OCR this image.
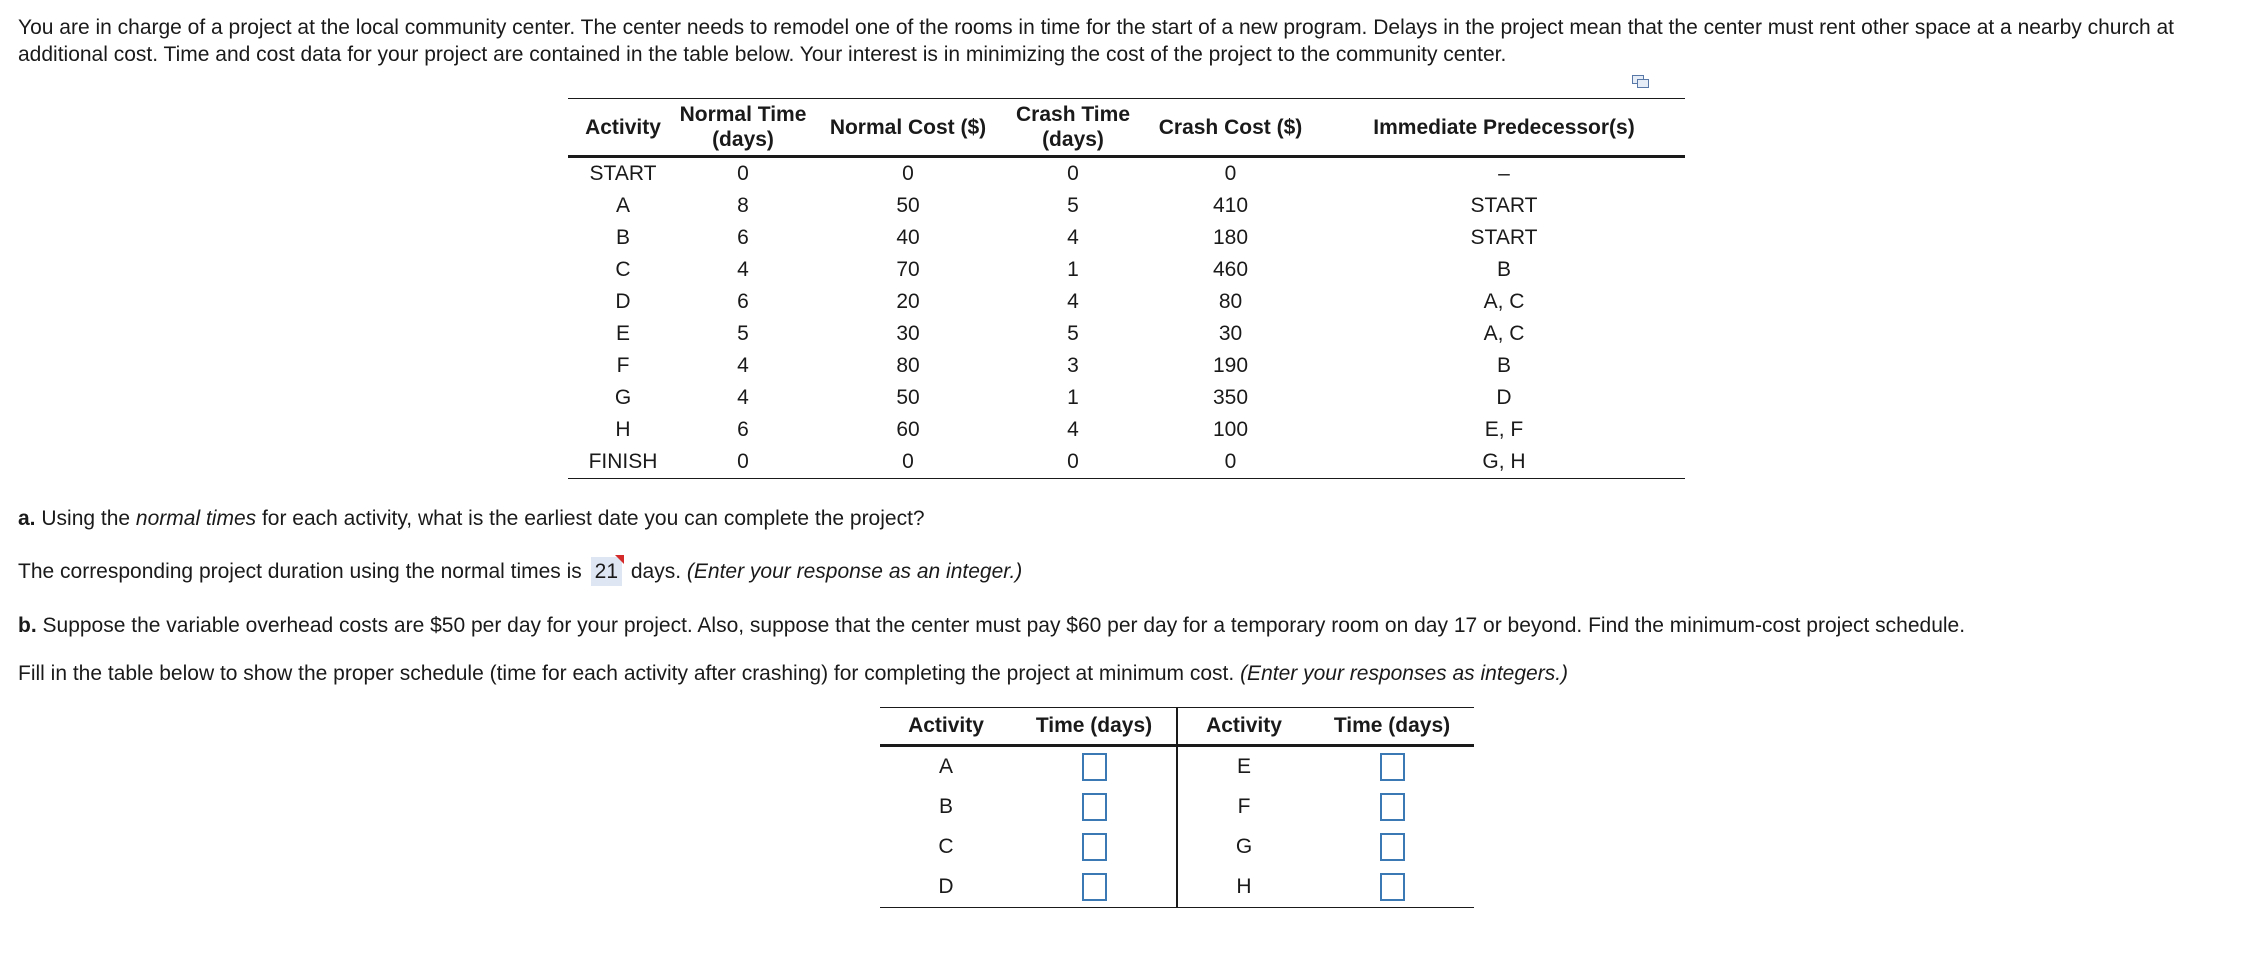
You are in charge of a project at the local community center. The center needs to remodel one of the rooms in time for the start of a new program. Delays in the project mean that the center must rent other space at a nearby church at additional cost. Time and cost data for your project are contained in the table below. Your interest is in minimizing the cost of the project to the community center.

Activity	Normal Time (days)	Normal Cost ($)	Crash Time (days)	Crash Cost ($)	Immediate Predecessor(s)
START	0	0	0	0	–
A	8	50	5	410	START
B	6	40	4	180	START
C	4	70	1	460	B
D	6	20	4	80	A, C
E	5	30	5	30	A, C
F	4	80	3	190	B
G	4	50	1	350	D
H	6	60	4	100	E, F
FINISH	0	0	0	0	G, H

a. Using the normal times for each activity, what is the earliest date you can complete the project?

The corresponding project duration using the normal times is 21 days. (Enter your response as an integer.)

b. Suppose the variable overhead costs are $50 per day for your project. Also, suppose that the center must pay $60 per day for a temporary room on day 17 or beyond. Find the minimum-cost project schedule.

Fill in the table below to show the proper schedule (time for each activity after crashing) for completing the project at minimum cost. (Enter your responses as integers.)

Activity	Time (days)	Activity	Time (days)
A		E	
B		F	
C		G	
D		H	
